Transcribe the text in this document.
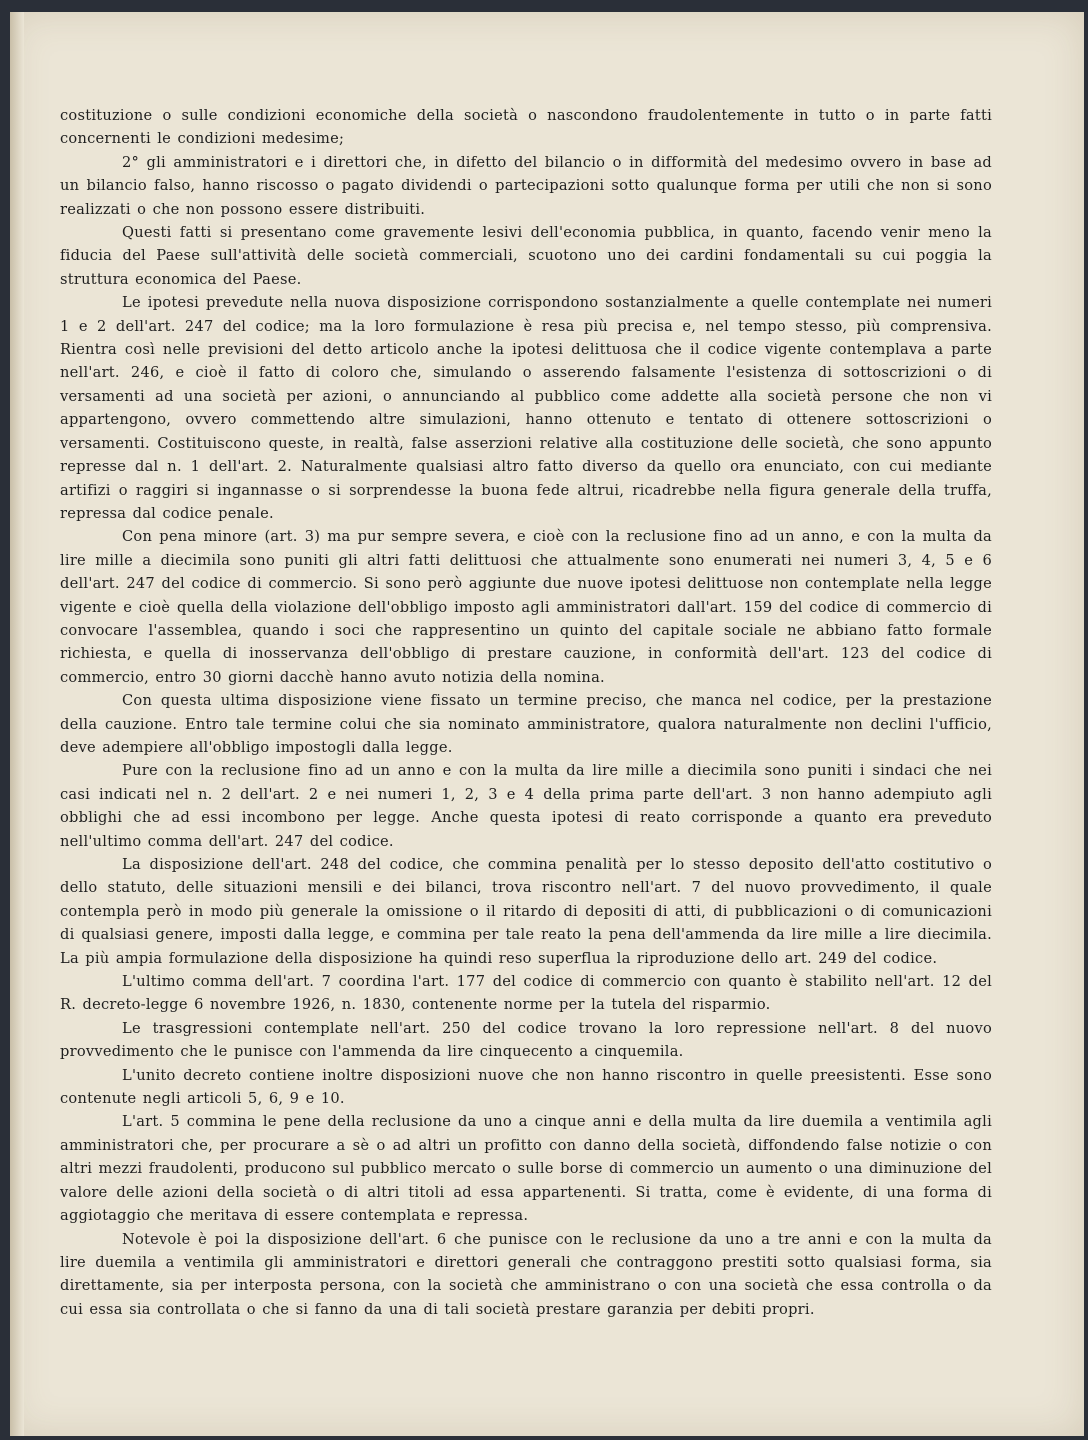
costituzione o sulle condizioni economiche della società o nascondono fraudolentemente in tutto o in parte fatti concernenti le condizioni medesime;

2° gli amministratori e i direttori che, in difetto del bilancio o in difformità del medesimo ovvero in base ad un bilancio falso, hanno riscosso o pagato dividendi o partecipazioni sotto qualunque forma per utili che non si sono realizzati o che non possono essere distribuiti.

Questi fatti si presentano come gravemente lesivi dell'economia pubblica, in quanto, facendo venir meno la fiducia del Paese sull'attività delle società commerciali, scuotono uno dei cardini fondamentali su cui poggia la struttura economica del Paese.

Le ipotesi prevedute nella nuova disposizione corrispondono sostanzialmente a quelle contemplate nei numeri 1 e 2 dell'art. 247 del codice; ma la loro formulazione è resa più precisa e, nel tempo stesso, più comprensiva. Rientra così nelle previsioni del detto articolo anche la ipotesi delittuosa che il codice vigente contemplava a parte nell'art. 246, e cioè il fatto di coloro che, simulando o asserendo falsamente l'esistenza di sottoscrizioni o di versamenti ad una società per azioni, o annunciando al pubblico come addette alla società persone che non vi appartengono, ovvero commettendo altre simulazioni, hanno ottenuto e tentato di ottenere sottoscrizioni o versamenti. Costituiscono queste, in realtà, false asserzioni relative alla costituzione delle società, che sono appunto represse dal n. 1 dell'art. 2. Naturalmente qualsiasi altro fatto diverso da quello ora enunciato, con cui mediante artifizi o raggiri si ingannasse o si sorprendesse la buona fede altrui, ricadrebbe nella figura generale della truffa, repressa dal codice penale.

Con pena minore (art. 3) ma pur sempre severa, e cioè con la reclusione fino ad un anno, e con la multa da lire mille a diecimila sono puniti gli altri fatti delittuosi che attualmente sono enumerati nei numeri 3, 4, 5 e 6 dell'art. 247 del codice di commercio. Si sono però aggiunte due nuove ipotesi delittuose non contemplate nella legge vigente e cioè quella della violazione dell'obbligo imposto agli amministratori dall'art. 159 del codice di commercio di convocare l'assemblea, quando i soci che rappresentino un quinto del capitale sociale ne abbiano fatto formale richiesta, e quella di inosservanza dell'obbligo di prestare cauzione, in conformità dell'art. 123 del codice di commercio, entro 30 giorni dacchè hanno avuto notizia della nomina.

Con questa ultima disposizione viene fissato un termine preciso, che manca nel codice, per la prestazione della cauzione. Entro tale termine colui che sia nominato amministratore, qualora naturalmente non declini l'ufficio, deve adempiere all'obbligo impostogli dalla legge.

Pure con la reclusione fino ad un anno e con la multa da lire mille a diecimila sono puniti i sindaci che nei casi indicati nel n. 2 dell'art. 2 e nei numeri 1, 2, 3 e 4 della prima parte dell'art. 3 non hanno adempiuto agli obblighi che ad essi incombono per legge. Anche questa ipotesi di reato corrisponde a quanto era preveduto nell'ultimo comma dell'art. 247 del codice.

La disposizione dell'art. 248 del codice, che commina penalità per lo stesso deposito dell'atto costitutivo o dello statuto, delle situazioni mensili e dei bilanci, trova riscontro nell'art. 7 del nuovo provvedimento, il quale contempla però in modo più generale la omissione o il ritardo di depositi di atti, di pubblicazioni o di comunicazioni di qualsiasi genere, imposti dalla legge, e commina per tale reato la pena dell'ammenda da lire mille a lire diecimila. La più ampia formulazione della disposizione ha quindi reso superflua la riproduzione dello art. 249 del codice.

L'ultimo comma dell'art. 7 coordina l'art. 177 del codice di commercio con quanto è stabilito nell'art. 12 del R. decreto-legge 6 novembre 1926, n. 1830, contenente norme per la tutela del risparmio.

Le trasgressioni contemplate nell'art. 250 del codice trovano la loro repressione nell'art. 8 del nuovo provvedimento che le punisce con l'ammenda da lire cinquecento a cinquemila.

L'unito decreto contiene inoltre disposizioni nuove che non hanno riscontro in quelle preesistenti. Esse sono contenute negli articoli 5, 6, 9 e 10.

L'art. 5 commina le pene della reclusione da uno a cinque anni e della multa da lire duemila a ventimila agli amministratori che, per procurare a sè o ad altri un profitto con danno della società, diffondendo false notizie o con altri mezzi fraudolenti, producono sul pubblico mercato o sulle borse di commercio un aumento o una diminuzione del valore delle azioni della società o di altri titoli ad essa appartenenti. Si tratta, come è evidente, di una forma di aggiotaggio che meritava di essere contemplata e repressa.

Notevole è poi la disposizione dell'art. 6 che punisce con le reclusione da uno a tre anni e con la multa da lire duemila a ventimila gli amministratori e direttori generali che contraggono prestiti sotto qualsiasi forma, sia direttamente, sia per interposta persona, con la società che amministrano o con una società che essa controlla o da cui essa sia controllata o che si fanno da una di tali società prestare garanzia per debiti propri.
